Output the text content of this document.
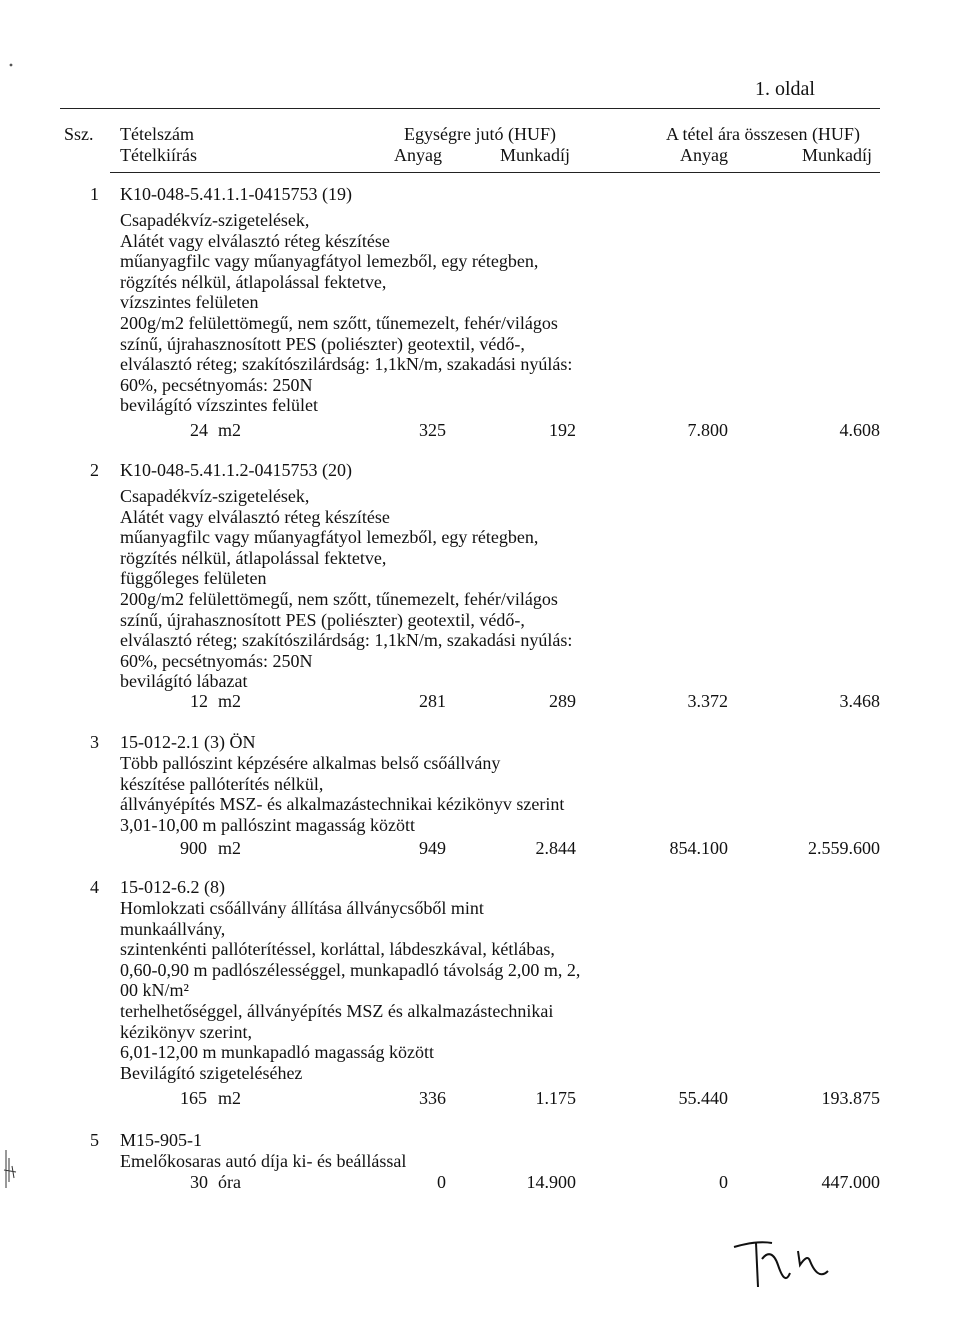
1. oldal
Ssz. Tételszám
Tételkiírás
Egységre jutó (HUF)	A tétel ára összesen (HUF)
Anyag	Munkadíj	Anyag	Munkadíj
1 K10-048-5.41.1.1-0415753 (19)
Csapadékvíz-szigetelések,
Alátét vagy elválasztó réteg készítése
műanyagfilc vagy műanyagfátyol lemezből, egy rétegben,
rögzítés nélkül, átlapolással fektetve,
vízszintes felületen
200g/m2 felülettömegű, nem szőtt, tűnemezelt, fehér/világos
színű, újrahasznosított PES (poliészter) geotextil, védő-,
elválasztó réteg; szakítószilárdság: 1,1kN/m, szakadási nyúlás:
60%, pecsétnyomás: 250N
bevilágító vízszintes felület
24 m2	325	192	7.800	4.608
2 K10-048-5.41.1.2-0415753 (20)
Csapadékvíz-szigetelések,
Alátét vagy elválasztó réteg készítése
műanyagfilc vagy műanyagfátyol lemezből, egy rétegben,
rögzítés nélkül, átlapolással fektetve,
függőleges felületen
200g/m2 felülettömegű, nem szőtt, tűnemezelt, fehér/világos
színű, újrahasznosított PES (poliészter) geotextil, védő-,
elválasztó réteg; szakítószilárdság: 1,1kN/m, szakadási nyúlás:
60%, pecsétnyomás: 250N
bevilágító lábazat
12 m2	281	289	3.372	3.468
3 15-012-2.1 (3) ÖN
Több pallószint képzésére alkalmas belső csőállvány
készítése pallóterítés nélkül,
állványépítés MSZ- és alkalmazástechnikai kézikönyv szerint
3,01-10,00 m pallószint magasság között
900 m2	949	2.844	854.100	2.559.600
4 15-012-6.2 (8)
Homlokzati csőállvány állítása állványcsőből mint
munkaállvány,
szintenkénti pallóterítéssel, korláttal, lábdeszkával, kétlábas,
0,60-0,90 m padlószélességgel, munkapadló távolság 2,00 m, 2,
00 kN/m²
terhelhetőséggel, állványépítés MSZ és alkalmazástechnikai
kézikönyv szerint,
6,01-12,00 m munkapadló magasság között
Bevilágító szigeteléséhez
165 m2	336	1.175	55.440	193.875
5 M15-905-1
Emelőkosaras autó díja ki- és beállással
30 óra	0	14.900	0	447.000
